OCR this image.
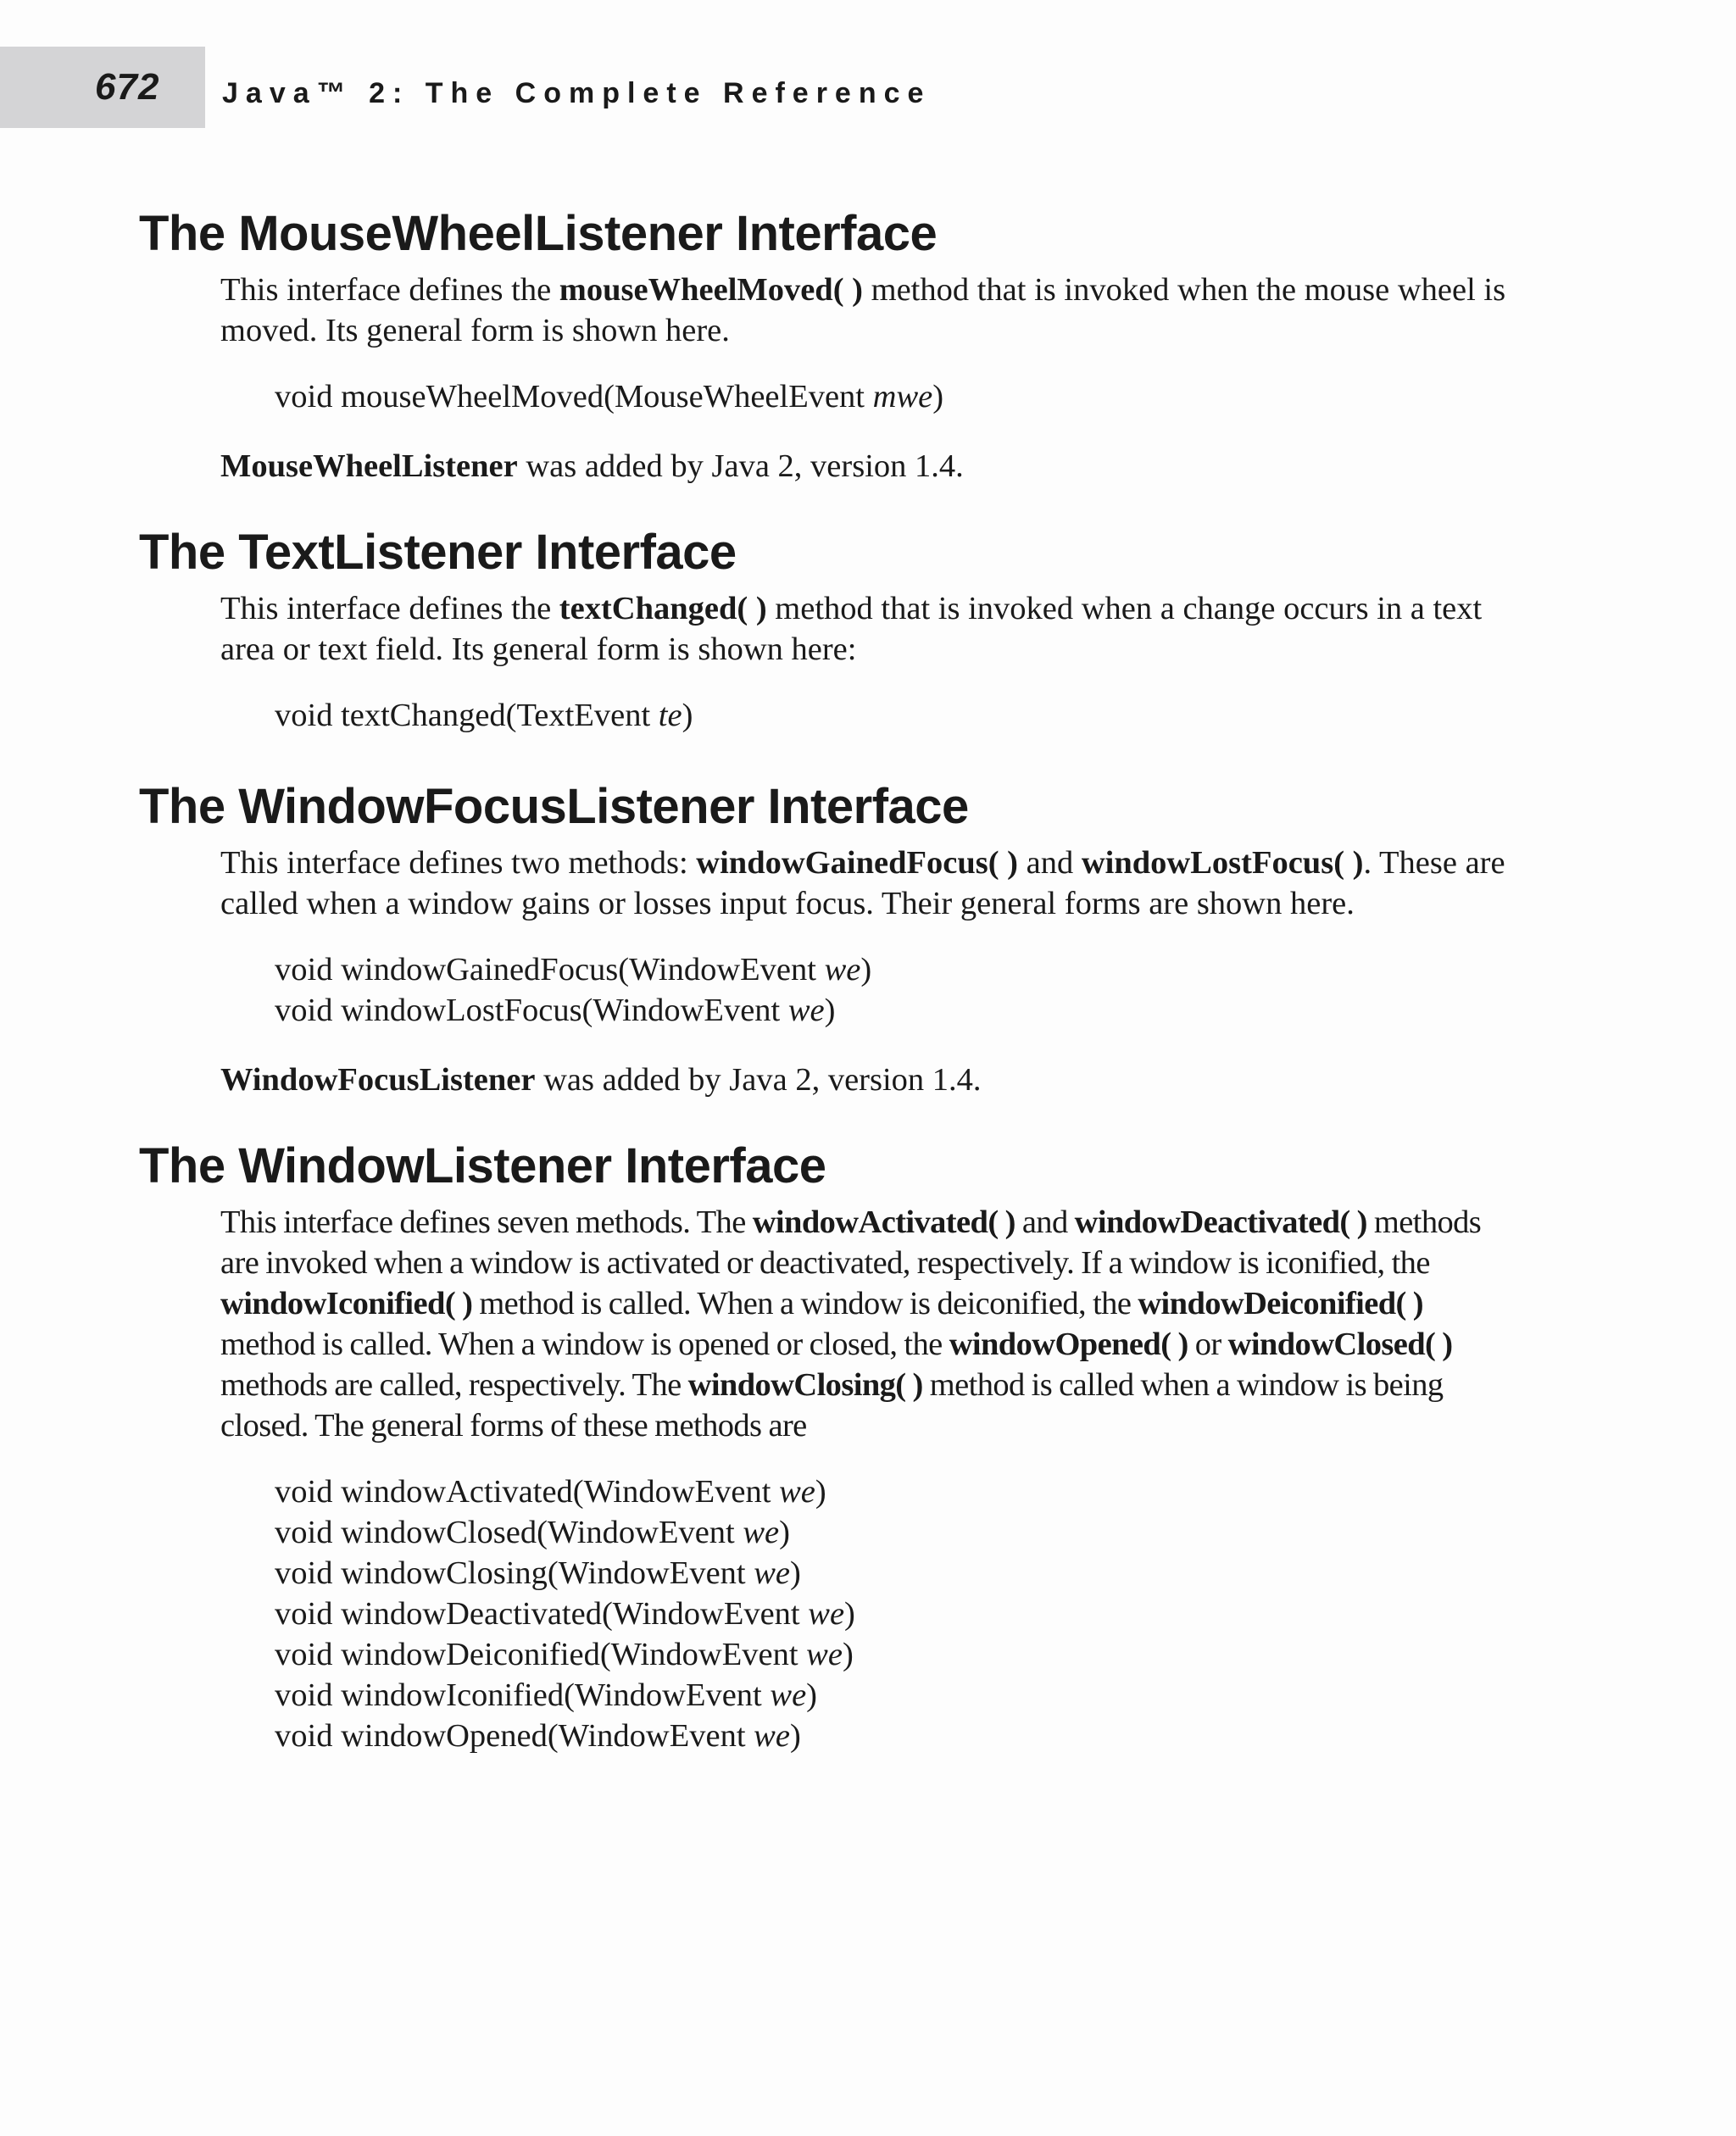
672 Java™ 2: The Complete Reference
The MouseWheelListener Interface

This interface defines the mouseWheelMoved( ) method that is invoked when the mouse wheel is moved. Its general form is shown here.

void mouseWheelMoved(MouseWheelEvent mwe)

MouseWheelListener was added by Java 2, version 1.4.

The TextListener Interface

This interface defines the textChanged( ) method that is invoked when a change occurs in a text area or text field. Its general form is shown here:

void textChanged(TextEvent te)
The WindowFocusListener Interface

This interface defines two methods: windowGainedFocus( ) and windowLostFocus( ). These are called when a window gains or losses input focus. Their general forms are shown here.

void windowGainedFocus(WindowEvent we)
void windowLostFocus(WindowEvent we)

WindowFocusListener was added by Java 2, version 1.4.

The WindowListener Interface

This interface defines seven methods. The windowActivated( ) and windowDeactivated( ) methods are invoked when a window is activated or deactivated, respectively. If a window is iconified, the windowIconified( ) method is called. When a window is deiconified, the windowDeiconified( ) method is called. When a window is opened or closed, the windowOpened( ) or windowClosed( ) methods are called, respectively. The windowClosing( ) method is called when a window is being closed. The general forms of these methods are

void windowActivated(WindowEvent we)
void windowClosed(WindowEvent we)
void windowClosing(WindowEvent we)
void windowDeactivated(WindowEvent we)
void windowDeiconified(WindowEvent we)
void windowIconified(WindowEvent we)
void windowOpened(WindowEvent we)
